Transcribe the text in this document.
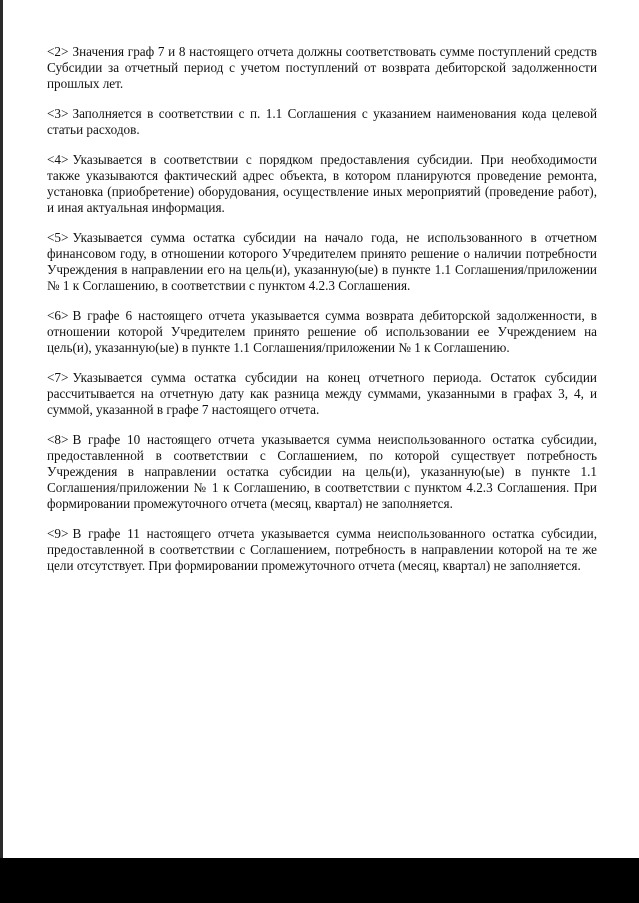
<2> Значения граф 7 и 8 настоящего отчета должны соответствовать сумме поступлений средств Субсидии за отчетный период с учетом поступлений от возврата дебиторской задолженности прошлых лет.

<3> Заполняется в соответствии с п. 1.1 Соглашения с указанием наименования кода целевой статьи расходов.

<4> Указывается в соответствии с порядком предоставления субсидии. При необходимости также указываются фактический адрес объекта, в котором планируются проведение ремонта, установка (приобретение) оборудования, осуществление иных мероприятий (проведение работ), и иная актуальная информация.

<5> Указывается сумма остатка субсидии на начало года, не использованного в отчетном финансовом году, в отношении которого Учредителем принято решение о наличии потребности Учреждения в направлении его на цель(и), указанную(ые) в пункте 1.1 Соглашения/приложении № 1 к Соглашению, в соответствии с пунктом 4.2.3 Соглашения.

<6> В графе 6 настоящего отчета указывается сумма возврата дебиторской задолженности, в отношении которой Учредителем принято решение об использовании ее Учреждением на цель(и), указанную(ые) в пункте 1.1 Соглашения/приложении № 1 к Соглашению.

<7> Указывается сумма остатка субсидии на конец отчетного периода. Остаток субсидии рассчитывается на отчетную дату как разница между суммами, указанными в графах 3, 4, и суммой, указанной в графе 7 настоящего отчета.

<8> В графе 10 настоящего отчета указывается сумма неиспользованного остатка субсидии, предоставленной в соответствии с Соглашением, по которой существует потребность Учреждения в направлении остатка субсидии на цель(и), указанную(ые) в пункте 1.1 Соглашения/приложении № 1 к Соглашению, в соответствии с пунктом 4.2.3 Соглашения. При формировании промежуточного отчета (месяц, квартал) не заполняется.

<9> В графе 11 настоящего отчета указывается сумма неиспользованного остатка субсидии, предоставленной в соответствии с Соглашением, потребность в направлении которой на те же цели отсутствует. При формировании промежуточного отчета (месяц, квартал) не заполняется.
